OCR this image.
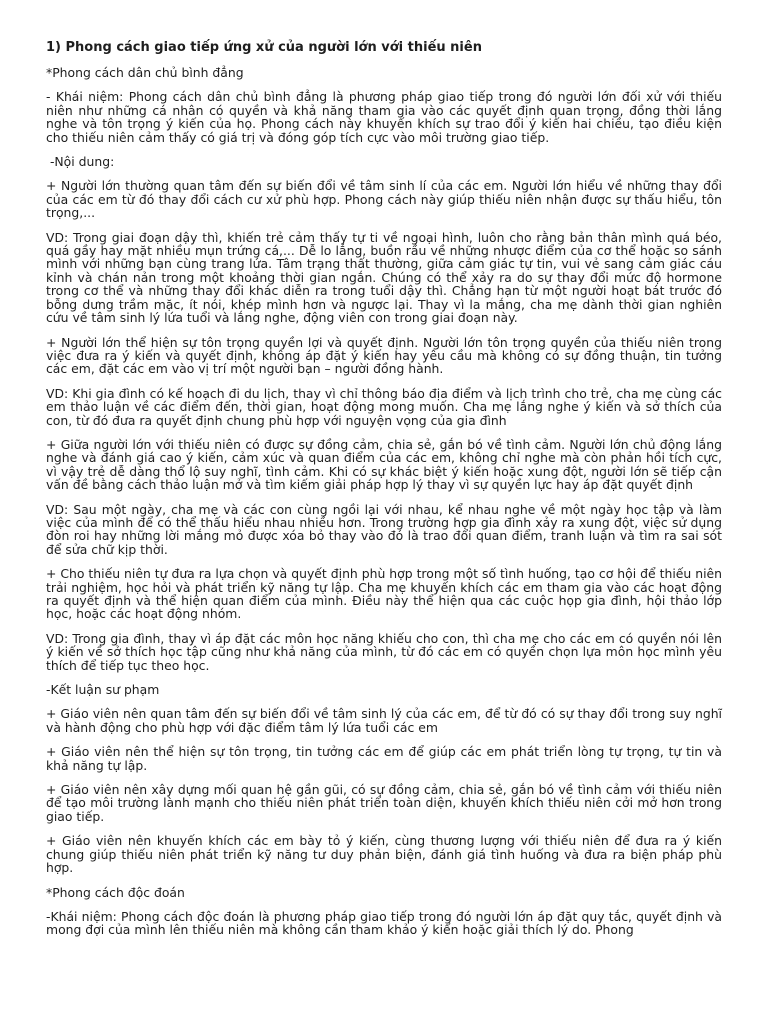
1) Phong cách giao tiếp ứng xử của người lớn với thiếu niên

*Phong cách dân chủ bình đẳng

- Khái niệm: Phong cách dân chủ bình đẳng là phương pháp giao tiếp trong đó người lớn đối xử với thiếu niên như những cá nhân có quyền và khả năng tham gia vào các quyết định quan trọng, đồng thời lắng nghe và tôn trọng ý kiến của họ. Phong cách này khuyến khích sự trao đổi ý kiến hai chiều, tạo điều kiện cho thiếu niên cảm thấy có giá trị và đóng góp tích cực vào môi trường giao tiếp.

-Nội dung:

+ Người lớn thường quan tâm đến sự biến đổi về tâm sinh lí của các em. Người lớn hiểu về những thay đổi của các em từ đó thay đổi cách cư xử phù hợp. Phong cách này giúp thiếu niên nhận được sự thấu hiểu, tôn trọng,...

VD: Trong giai đoạn dậy thì, khiến trẻ cảm thấy tự ti về ngoại hình, luôn cho rằng bản thân mình quá béo, quá gầy hay mặt nhiều mụn trứng cá,... Dễ lo lắng, buồn rầu về những nhược điểm của cơ thể hoặc so sánh mình với những bạn cùng trang lứa. Tâm trạng thất thường, giữa cảm giác tự tin, vui vẻ sang cảm giác cáu kỉnh và chán nản trong một khoảng thời gian ngắn. Chúng có thể xảy ra do sự thay đổi mức độ hormone trong cơ thể và những thay đổi khác diễn ra trong tuổi dậy thì. Chẳng hạn từ một người hoạt bát trước đó bỗng dưng trầm mặc, ít nói, khép mình hơn và ngược lại. Thay vì la mắng, cha mẹ dành thời gian nghiên cứu về tâm sinh lý lứa tuổi và lắng nghe, động viên con trong giai đoạn này.

+ Người lớn thể hiện sự tôn trọng quyền lợi và quyết định. Người lớn tôn trọng quyền của thiếu niên trong việc đưa ra ý kiến và quyết định, không áp đặt ý kiến hay yêu cầu mà không có sự đồng thuận, tin tưởng các em, đặt các em vào vị trí một người bạn – người đồng hành.

VD: Khi gia đình có kế hoạch đi du lịch, thay vì chỉ thông báo địa điểm và lịch trình cho trẻ, cha mẹ cùng các em thảo luận về các điểm đến, thời gian, hoạt động mong muốn. Cha mẹ lắng nghe ý kiến và sở thích của con, từ đó đưa ra quyết định chung phù hợp với nguyện vọng của gia đình

+ Giữa người lớn với thiếu niên có được sự đồng cảm, chia sẻ, gắn bó về tình cảm. Người lớn chủ động lắng nghe và đánh giá cao ý kiến, cảm xúc và quan điểm của các em, không chỉ nghe mà còn phản hồi tích cực, vì vậy trẻ dễ dàng thổ lộ suy nghĩ, tình cảm. Khi có sự khác biệt ý kiến hoặc xung đột, người lớn sẽ tiếp cận vấn đề bằng cách thảo luận mở và tìm kiếm giải pháp hợp lý thay vì sự quyền lực hay áp đặt quyết định

VD: Sau một ngày, cha mẹ và các con cùng ngồi lại với nhau, kể nhau nghe về một ngày học tập và làm việc của mình để có thể thấu hiểu nhau nhiều hơn. Trong trường hợp gia đình xảy ra xung đột, việc sử dụng đòn roi hay những lời mắng mỏ được xóa bỏ thay vào đó là trao đổi quan điểm, tranh luận và tìm ra sai sót để sửa chữ kịp thời.

+ Cho thiếu niên tự đưa ra lựa chọn và quyết định phù hợp trong một số tình huống, tạo cơ hội để thiếu niên trải nghiệm, học hỏi và phát triển kỹ năng tự lập. Cha mẹ khuyến khích các em tham gia vào các hoạt động ra quyết định và thể hiện quan điểm của mình. Điều này thể hiện qua các cuộc họp gia đình, hội thảo lớp học, hoặc các hoạt động nhóm.

VD: Trong gia đình, thay vì áp đặt các môn học năng khiếu cho con, thì cha mẹ cho các em có quyền nói lên ý kiến về sở thích học tập cũng như khả năng của mình, từ đó các em có quyền chọn lựa môn học mình yêu thích để tiếp tục theo học.

-Kết luận sư phạm

+ Giáo viên nên quan tâm đến sự biến đổi về tâm sinh lý của các em, để từ đó có sự thay đổi trong suy nghĩ và hành động cho phù hợp với đặc điểm tâm lý lứa tuổi các em

+ Giáo viên nên thể hiện sự tôn trọng, tin tưởng các em để giúp các em phát triển lòng tự trọng, tự tin và khả năng tự lập.

+ Giáo viên nên xây dựng mối quan hệ gần gũi, có sự đồng cảm, chia sẻ, gắn bó về tình cảm với thiếu niên để tạo môi trường lành mạnh cho thiếu niên phát triển toàn diện, khuyến khích thiếu niên cởi mở hơn trong giao tiếp.

+ Giáo viên nên khuyến khích các em bày tỏ ý kiến, cùng thương lượng với thiếu niên để đưa ra ý kiến chung giúp thiếu niên phát triển kỹ năng tư duy phản biện, đánh giá tình huống và đưa ra biện pháp phù hợp.

*Phong cách độc đoán

-Khái niệm: Phong cách độc đoán là phương pháp giao tiếp trong đó người lớn áp đặt quy tắc, quyết định và mong đợi của mình lên thiếu niên mà không cần tham khảo ý kiến hoặc giải thích lý do. Phong
